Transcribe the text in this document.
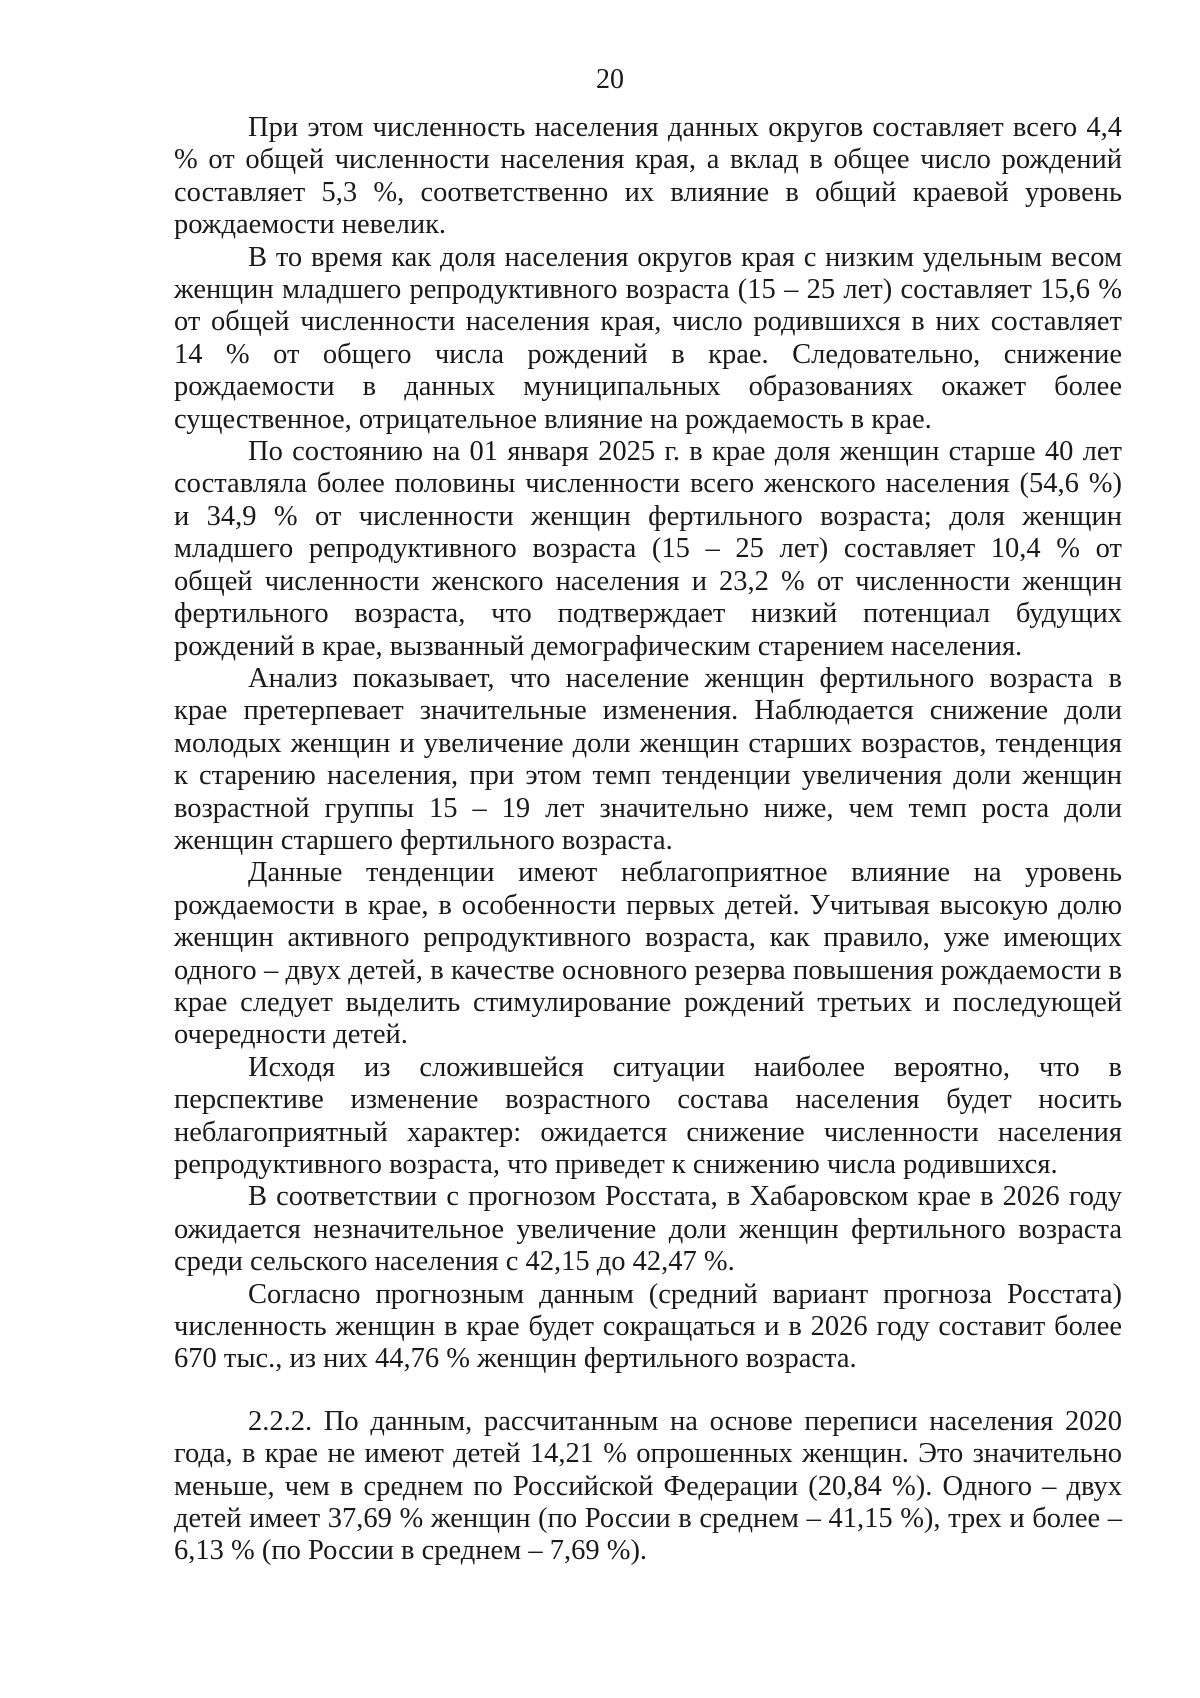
20

При этом численность населения данных округов составляет всего 4,4 % от общей численности населения края, а вклад в общее число рождений составляет 5,3 %, соответственно их влияние в общий краевой уровень рождаемости невелик.

В то время как доля населения округов края с низким удельным весом женщин младшего репродуктивного возраста (15 – 25 лет) составляет 15,6 % от общей численности населения края, число родившихся в них составляет 14 % от общего числа рождений в крае. Следовательно, снижение рождаемости в данных муниципальных образованиях окажет более существенное, отрицательное влияние на рождаемость в крае.

По состоянию на 01 января 2025 г. в крае доля женщин старше 40 лет составляла более половины численности всего женского населения (54,6 %) и 34,9 % от численности женщин фертильного возраста; доля женщин младшего репродуктивного возраста (15 – 25 лет) составляет 10,4 % от общей численности женского населения и 23,2 % от численности женщин фертильного возраста, что подтверждает низкий потенциал будущих рождений в крае, вызванный демографическим старением населения.

Анализ показывает, что население женщин фертильного возраста в крае претерпевает значительные изменения. Наблюдается снижение доли молодых женщин и увеличение доли женщин старших возрастов, тенденция к старению населения, при этом темп тенденции увеличения доли женщин возрастной группы 15 – 19 лет значительно ниже, чем темп роста доли женщин старшего фертильного возраста.

Данные тенденции имеют неблагоприятное влияние на уровень рождаемости в крае, в особенности первых детей. Учитывая высокую долю женщин активного репродуктивного возраста, как правило, уже имеющих одного – двух детей, в качестве основного резерва повышения рождаемости в крае следует выделить стимулирование рождений третьих и последующей очередности детей.

Исходя из сложившейся ситуации наиболее вероятно, что в перспективе изменение возрастного состава населения будет носить неблагоприятный характер: ожидается снижение численности населения репродуктивного возраста, что приведет к снижению числа родившихся.

В соответствии с прогнозом Росстата, в Хабаровском крае в 2026 году ожидается незначительное увеличение доли женщин фертильного возраста среди сельского населения с 42,15 до 42,47 %.

Согласно прогнозным данным (средний вариант прогноза Росстата) численность женщин в крае будет сокращаться и в 2026 году составит более 670 тыс., из них 44,76 % женщин фертильного возраста.

2.2.2. По данным, рассчитанным на основе переписи населения 2020 года, в крае не имеют детей 14,21 % опрошенных женщин. Это значительно меньше, чем в среднем по Российской Федерации (20,84 %). Одного – двух детей имеет 37,69 % женщин (по России в среднем – 41,15 %), трех и более – 6,13 % (по России в среднем – 7,69 %).
